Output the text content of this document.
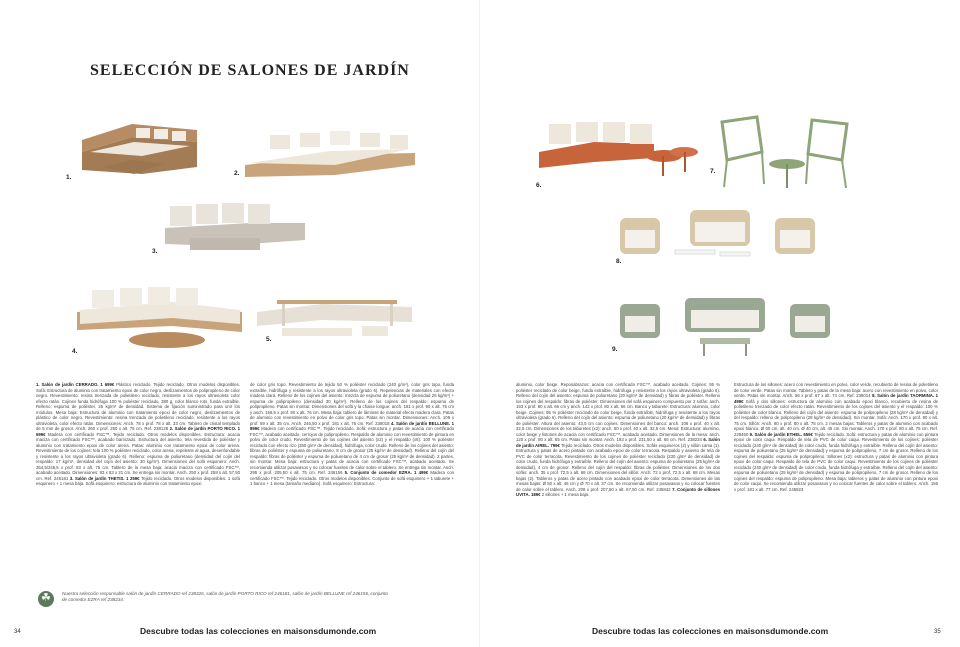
SELECCIÓN DE SALONES DE JARDÍN
1.
2.
3.
4.
5.
1. Salón de jardín CERRADO. 1 699€ Plástico reciclado. Tejido reciclado. Otros modelos disponibles. Sofá: Estructura de aluminio con tratamiento epoxi de color negro, deslizamientos de polipropileno de color negro. Revestimiento: resina trenzada de polietileno reciclado, resistente a los rayos ultravioleta color efecto ratán. Cojines funda hidrófuga 100 % poliéster reciclado, 380 g, color blanco roto, funda extraíble. Relleno: espuma de poliéster, 25 kg/m³ de densidad. Sistema de fijación suministrado para unir los módulos. Mesa baja: Estructura de aluminio con tratamiento epoxi de color negro, deslizamientos de plástico de color negro. Revestimiento: resina trenzada de polietileno reciclado, resistente a los rayos ultravioleta, color efecto ratán. Dimensiones: Anch. 78 x prof. 78 x alt. 33 cm. Tablero de cristal templado de 5 mm de grosor. Anch. 260 x prof. 260 x alt. 75 cm. Ref. 238128 2. Salón de jardín PORTO RICO. 1 599€ Madera con certificado FSC™. Tejido reciclado. Otros modelos disponibles. Estructura: acacia maciza con certificado FSC™, acabado barnizado. Estructura del asiento, tela revestida de poliéster y aluminio con tratamiento epoxi de color arena. Patas: aluminio con tratamiento epoxi de color arena. Revestimiento de los cojines: tela 100 % poliéster reciclado, color arena, repelente al agua, desenfundable y resistente a los rayos ultravioleta (grado 6). Relleno: espuma de poliuretano (densidad del cojín del respaldo: 17 kg/m³, densidad del cojín del asiento: 30 kg/m³). Dimensiones del sofá esquinero: Anch. 354,5/246,5 x prof. 83 x alt. 75 cm. Tablero de la mesa baja: acacia maciza con certificado FSC™, acabado aceitado. Dimensiones: 83 x 83 x 21 cm. Se entrega sin montar. Anch. 250 x prof. 258 x alt. 57,50 cm. Ref. 246181 3. Salón de jardín THETIS. 1 259€ Tejido reciclado. Otros modelos disponibles. 1 sofá esquinero + 1 mesa baja. Sofá esquinero: estructura de aluminio con tratamiento epoxi
de color gris topo. Revestimiento de tejido 50 % poliéster reciclado (240 g/m²), color gris topo, funda extraíble, hidrófuga y resistente a los rayos ultravioleta (grado 6). Repelencias de materiales con efecto madera clara. Relleno de los cojines del asiento: mezcla de espuma de poliuretano (densidad 25 kg/m³) + espuma de polipropileno (densidad 30 kg/m³). Relleno de los cojines del respaldo: espuma de polipropileno. Patas sin montar. Dimensiones del sofá y la chaise longue: anch. 181 x prof. 90 x alt. 75 cm y anch. 158,5 x prof. 90 x alt. 76 cm. Mesa baja: tablero de láminas de material efecto madera clara. Patas de aluminio con revestimiento en polvo de color gris topo. Patas sin montar. Dimensiones: Anch. 109 x prof. 59 x alt. 35 cm. Anch. 246,50 x prof. 181 x alt. 76 cm. Ref. 238018 4. Salón de jardín BELLUNE. 1 899€ Madera con certificado FSC™. Tejido reciclado. Sofá: estructura y patas de acacia con certificado FSC™, acabado aceitado, cerrojos de polipropileno. Respaldo de aluminio con revestimiento de pintura en polvo de color crudo. Revestimiento de los cojines del asiento (x2) y el respaldo (x6): 100 % poliéster reciclado con efecto rizo (350 g/m² de densidad), hidrófuga, color crudo. Relleno de los cojines del asiento: fibras de poliéster y espuma de poliuretano, 8 cm de grosor (25 kg/m³ de densidad). Relleno del cojín del respaldo: fibras de poliéster y espuma de poliuretano de 4 cm de grosor (25 kg/m³ de densidad). 2 partes, sin montar. Mesa baja: estructura y patas de acacia con certificado FSC™, acabado aceitado. Se recomienda utilizar posavasos y no colocar fuentes de calor sobre el tablero. Se entrega sin montar. Anch. 295 x prof. 205,50 x alt. 75 cm. Ref. 246156 5. Conjunto de comedor EZRA. 1 499€ Madera con certificado FSC™. Tejido reciclado. Otros modelos disponibles. Conjunto de sofá esquinero + 1 taburete + 1 banco + 1 mesa (tamaño mediano). Sofá esquinero: Estructura:
☘
Nuestra selección responsable salón de jardín CERRADO ref 238326, salón de jardín PORTO RICO ref 246181, salón de jardín BELLUNE ref 246156, conjunto de comedor EZRA ref 238234.
34	Descubre todas las colecciones en maisonsdumonde.com
6.
7.
8.
9.
aluminio, color beige. Reposabrazos: acacia con certificado FSC™, acabado aceitado. Cojines: 95 % poliéster reciclado de color beige, funda extraíble, hidrófuga y resistente a los rayos ultravioleta (grado 6). Relleno del cojín del asiento: espuma de poliuretano (20 kg/m³ de densidad) y fibras de poliéster. Relleno los cojines del respaldo: fibras de poliéster. Dimensiones del sofá esquinero compuesto por 2 sofás: anch. 193 x prof. 80 x alt. 66 cm y anch. 142 x prof. 80 x alt. 66 cm. Banco y taburete: Estructura: aluminio, color beige. Cojines: 95 % poliéster reciclado de color beige, funda extraíble, hidrófuga y resistente a los rayos ultravioleta (grado 6). Relleno del cojín del asiento: espuma de poliuretano (20 kg/m³ de densidad) y fibras de poliéster. Altura del asiento: 43,5 cm con cojines. Dimensiones del banco: anch. 106 x prof. 40 x alt. 32,5 cm. Dimensiones de los taburetes (x2): anch. 50 x prof. 40 x alt. 32,5 cm. Mesa: Estructura: aluminio, color beige y listones de acacia con certificado FSC™, acabado aceitado. Dimensiones de la mesa: anch. 120 x prof. 80 x alt. 65 cm. Patas sin montar. Anch. 193 x prof. 231,50 x alt. 66 cm. Ref. 238234 6. Salón de jardín AIREL. 799€ Tejido reciclado. Otros modelos disponibles. Sofás esquineros (2) y sillón cama (1). Estructura y patas de acero pintado con acabado epoxi de color terracota. Respaldo y asiento de tela de PVC de color terracota. Revestimiento de los cojines de poliéster reciclado (230 g/m² de densidad) de color crudo, funda hidrófuga y extraíble. Relleno del cojín del asiento: espuma de poliuretano (25 kg/m³ de densidad), 4 cm de grosor. Relleno del cojín del respaldo: fibras de poliéster. Dimensiones de los dos sofás: anch. 35 x prof. 72,5 x alt. 68 cm. Dimensiones del sillón: Anch. 72 x prof. 72,5 x alt. 68 cm. Mesas bajas (2). Tableros y patas de acero pintado con acabado epoxi de color terracota. Dimensiones de las mesas bajas: Ø 50 x alt. 46 cm y Ø 70 x alt. 37 cm. Se recomienda utilizar posavasos y no colocar fuentes de calor sobre el tablero. Anch. 208 x prof. 207,50 x alt. 67,50 cm. Ref. 245842 7. Conjunto de sillones UVITA. 189€ 2 sillones + 1 mesa baja.
Estructura de los sillones: acero con revestimiento en polvo, color verde, recubierto de resina de polietileno de color verde. Patas sin montar. Tablero y patas de la mesa baja: acero con revestimiento en polvo, color verde. Patas sin montar. Anch. 56 x prof. 67 x alt. 74 cm. Ref. 238014 8. Salón de jardín TAORMINA. 1 499€ Sofá y dos sillones: estructura de aluminio con acabado epoxi blanco, recubierto de resina de polietileno trenzado de color efecto ratán. Revestimiento de los cojines del asiento y el respaldo: 100 % poliéster de color blanco. Relleno del cojín del asiento: espuma de polipropileno (28 kg/m³ de densidad) y del respaldo: relleno de polipropileno (28 kg/m³ de densidad). Sin montar. Sofá: Anch. 170 x prof. 80 x alt. 75 cm. Sillón: Anch. 80 x prof. 80 x alt. 75 cm. 2 mesas bajas: Tableros y patas de aluminio con acabado epoxi blanco. Ø 60 cm, alt. 40 cm. Ø 40 cm, alt. 45 cm. Sin montar. Anch. 170 x prof. 80 x alt. 75 cm. Ref. 229460 9. Salón de jardín ETHEL. 659€ Tejido reciclado. Sofá: estructura y patas de aluminio con pintura epoxi de color caqui. Respaldo de tela de PVC de color caqui. Revestimiento de los cojines: poliéster reciclado (240 g/m² de densidad) de color crudo, funda hidrófuga y extraíble. Relleno del cojín del asiento: espuma de poliuretano (25 kg/m³ de densidad) y espuma de polipropileno, 7 cm de grosor. Relleno de los cojines del respaldo: espuma de polipropileno. Sillones (x2): estructura y patas de aluminio con pintura epoxi de color caqui. Respaldo de tela de PVC de color caqui. Revestimiento de los cojines de poliéster reciclado (240 g/m² de densidad) de color crudo, funda hidrófuga y extraíble. Relleno del cojín del asiento: espuma de poliuretano (25 kg/m³ de densidad) y espuma de polipropileno, 7 cm de grosor. Relleno de los cojines del respaldo: espuma de polipropileno. Mesa baja: tableros y patas de aluminio con pintura epoxi de color caqui. Se recomienda utilizar posavasos y no colocar fuentes de calor sobre el tablero. Anch. 156 x prof. 181 x alt. 77 cm. Ref. 245923
Descubre todas las colecciones en maisonsdumonde.com	35
